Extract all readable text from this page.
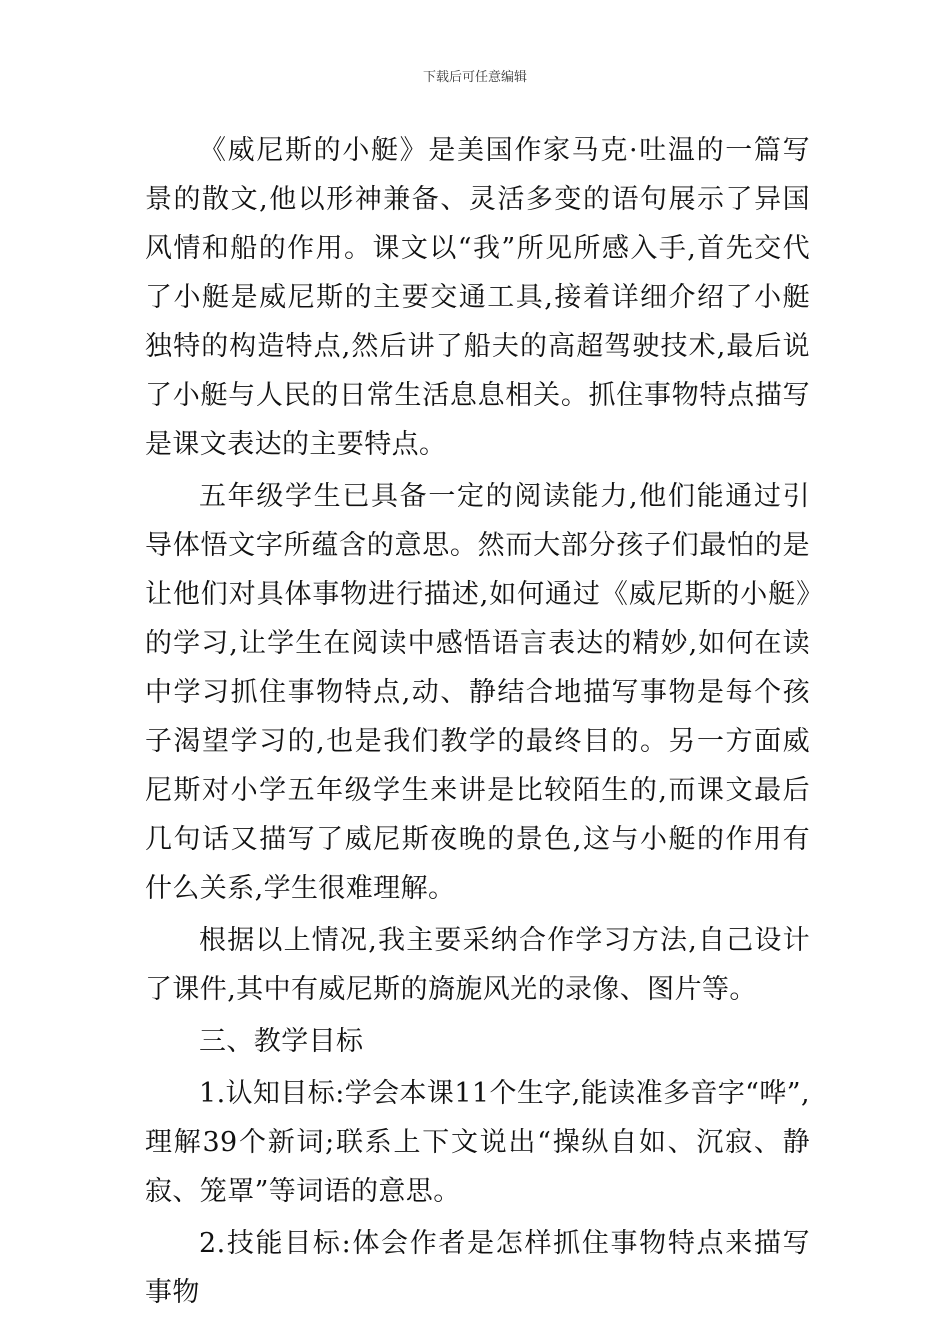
下载后可任意编辑

《威尼斯的小艇》是美国作家马克·吐温的一篇写景的散文,他以形神兼备、灵活多变的语句展示了异国风情和船的作用。课文以“我”所见所感入手,首先交代了小艇是威尼斯的主要交通工具,接着详细介绍了小艇独特的构造特点,然后讲了船夫的高超驾驶技术,最后说了小艇与人民的日常生活息息相关。抓住事物特点描写是课文表达的主要特点。

五年级学生已具备一定的阅读能力,他们能通过引导体悟文字所蕴含的意思。然而大部分孩子们最怕的是让他们对具体事物进行描述,如何通过《威尼斯的小艇》的学习,让学生在阅读中感悟语言表达的精妙,如何在读中学习抓住事物特点,动、静结合地描写事物是每个孩子渴望学习的,也是我们教学的最终目的。另一方面威尼斯对小学五年级学生来讲是比较陌生的,而课文最后几句话又描写了威尼斯夜晚的景色,这与小艇的作用有什么关系,学生很难理解。

根据以上情况,我主要采纳合作学习方法,自己设计了课件,其中有威尼斯的旖旎风光的录像、图片等。

三、教学目标

1.认知目标:学会本课11个生字,能读准多音字“哗”,理解39个新词;联系上下文说出“操纵自如、沉寂、静寂、笼罩”等词语的意思。

2.技能目标:体会作者是怎样抓住事物特点来描写事物
